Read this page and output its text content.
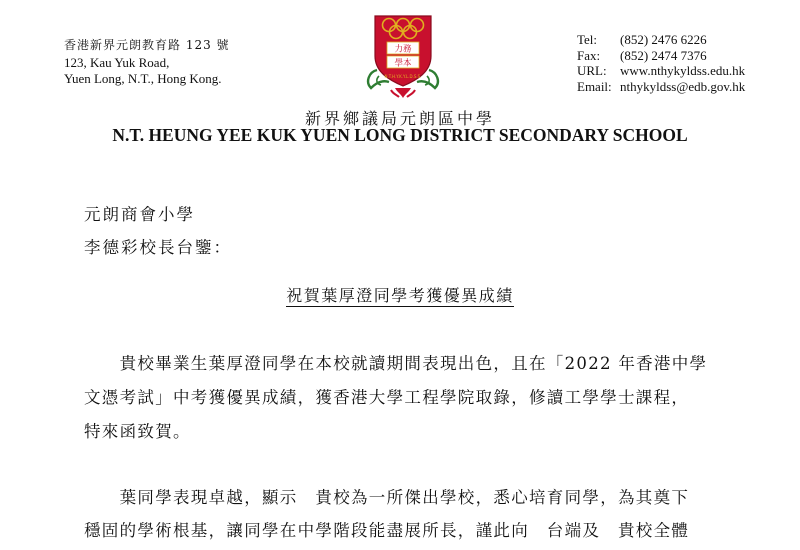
香港新界元朗教育路 123 號
123, Kau Yuk Road,
Yuen Long, N.T., Hong Kong.
力務
學本
N.T.H.Y.K.Y.L.D.S.S.
Tel:	(852) 2476 6226
Fax:	(852) 2474 7376
URL:	www.nthykyldss.edu.hk
Email: nthykyldss@edb.gov.hk
新界鄉議局元朗區中學
N.T. HEUNG YEE KUK YUEN LONG DISTRICT SECONDARY SCHOOL
元朗商會小學
李德彩校長台鑒：
祝賀葉厚澄同學考獲優異成績
　　貴校畢業生葉厚澄同學在本校就讀期間表現出色，且在「2022 年香港中學
文憑考試」中考獲優異成績，獲香港大學工程學院取錄，修讀工學學士課程，
特來函致賀。
　　葉同學表現卓越，顯示　貴校為一所傑出學校，悉心培育同學，為其奠下
穩固的學術根基，讓同學在中學階段能盡展所長，謹此向　台端及　貴校全體
